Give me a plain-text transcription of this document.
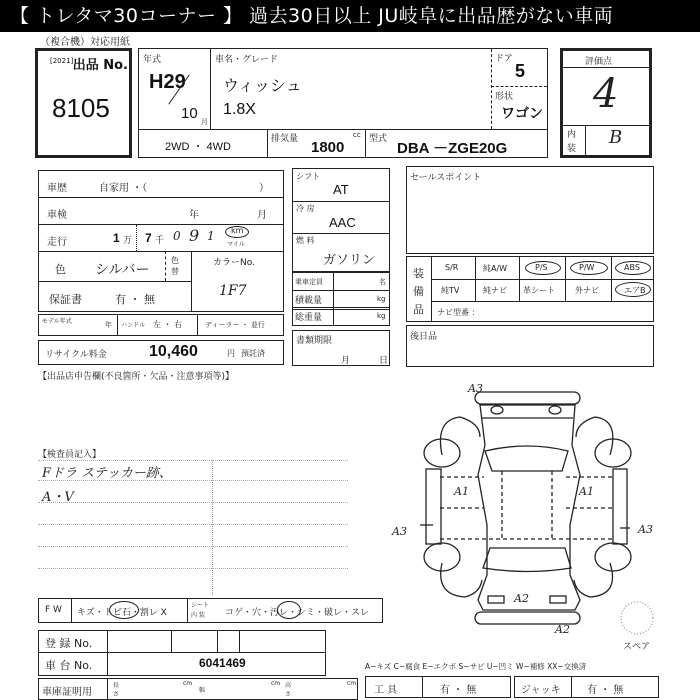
【 トレタマ30コーナー 】 過去30日以上 JU岐阜に出品歴がない車両
（複合機）対応用紙
[2021] 出品 No.
8105
年式
H29
10 月
車名・グレード
ウィッシュ
1.8X
ドア
5
形状
ワゴン
2WD ・ 4WD
排気量	cc
1800	型式
DBA －ZGE20G
評価点
4
内
装
B
車歴	自家用 ・（	）
車検	年	月
走行	1 万 7 千 0 9 1 km
マイル
色 シルバー
色
替
カラーNo.
1F7
保証書	有 ・ 無
モデル年式	年 ハンドル 左 ・ 右	ディーラー ・ 並行
リサイクル料金	10,460	円 預託済
【出品店申告欄(不良箇所・欠品・注意事項等)】
シフト
AT
冷 房
AAC
燃 料
ガソリン
乗車定員	名
積載量	kg
総重量	kg
書類期限
月	日
セールスポイント
装
備
品
S/R	純A/W	P/S	P/W	ABS
純TV	純ナビ 革シート	外ナビ	エアB
ナビ型番 ：
後日品
【検査員記入】
Fドラ ステッカー跡、
A・V
A3
A1	A1
A3	A3
A2
A2
スペア
F W キズ・トビ石・割レ X
シート
内 装 コゲ・穴・汚レ・シミ・破レ・スレ
登 録 No.
車 台 No.	6041469
車庫証明用
長さ
cm
幅
cm 高さ
cm
A−キズ C−腐食 E−エクボ S−サビ U−凹ミ W−補修 XX−交換済
工 具	有 ・ 無	ジャッキ	有 ・ 無
